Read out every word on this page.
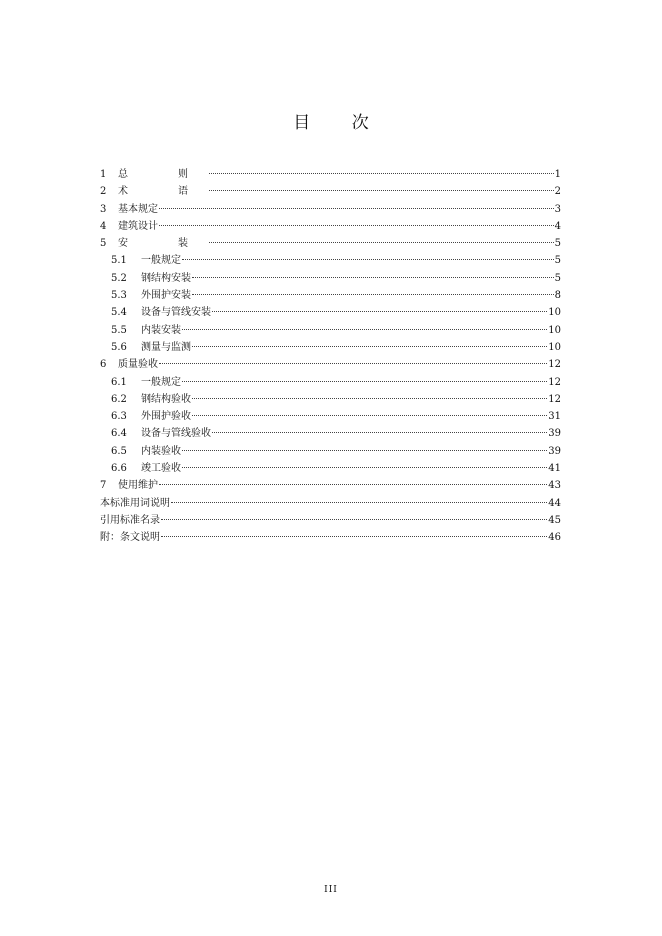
目 次
1	总　则	1
2	术　语	2
3	基本规定	3
4	建筑设计	4
5	安　装	5
5.1	一般规定	5
5.2	钢结构安装	5
5.3	外围护安装	8
5.4	设备与管线安装	10
5.5	内装安装	10
5.6	测量与监测	10
6	质量验收	12
6.1	一般规定	12
6.2	钢结构验收	12
6.3	外围护验收	31
6.4	设备与管线验收	39
6.5	内装验收	39
6.6	竣工验收	41
7	使用维护	43
本标准用词说明	44
引用标准名录	45
附：条文说明	46
III
